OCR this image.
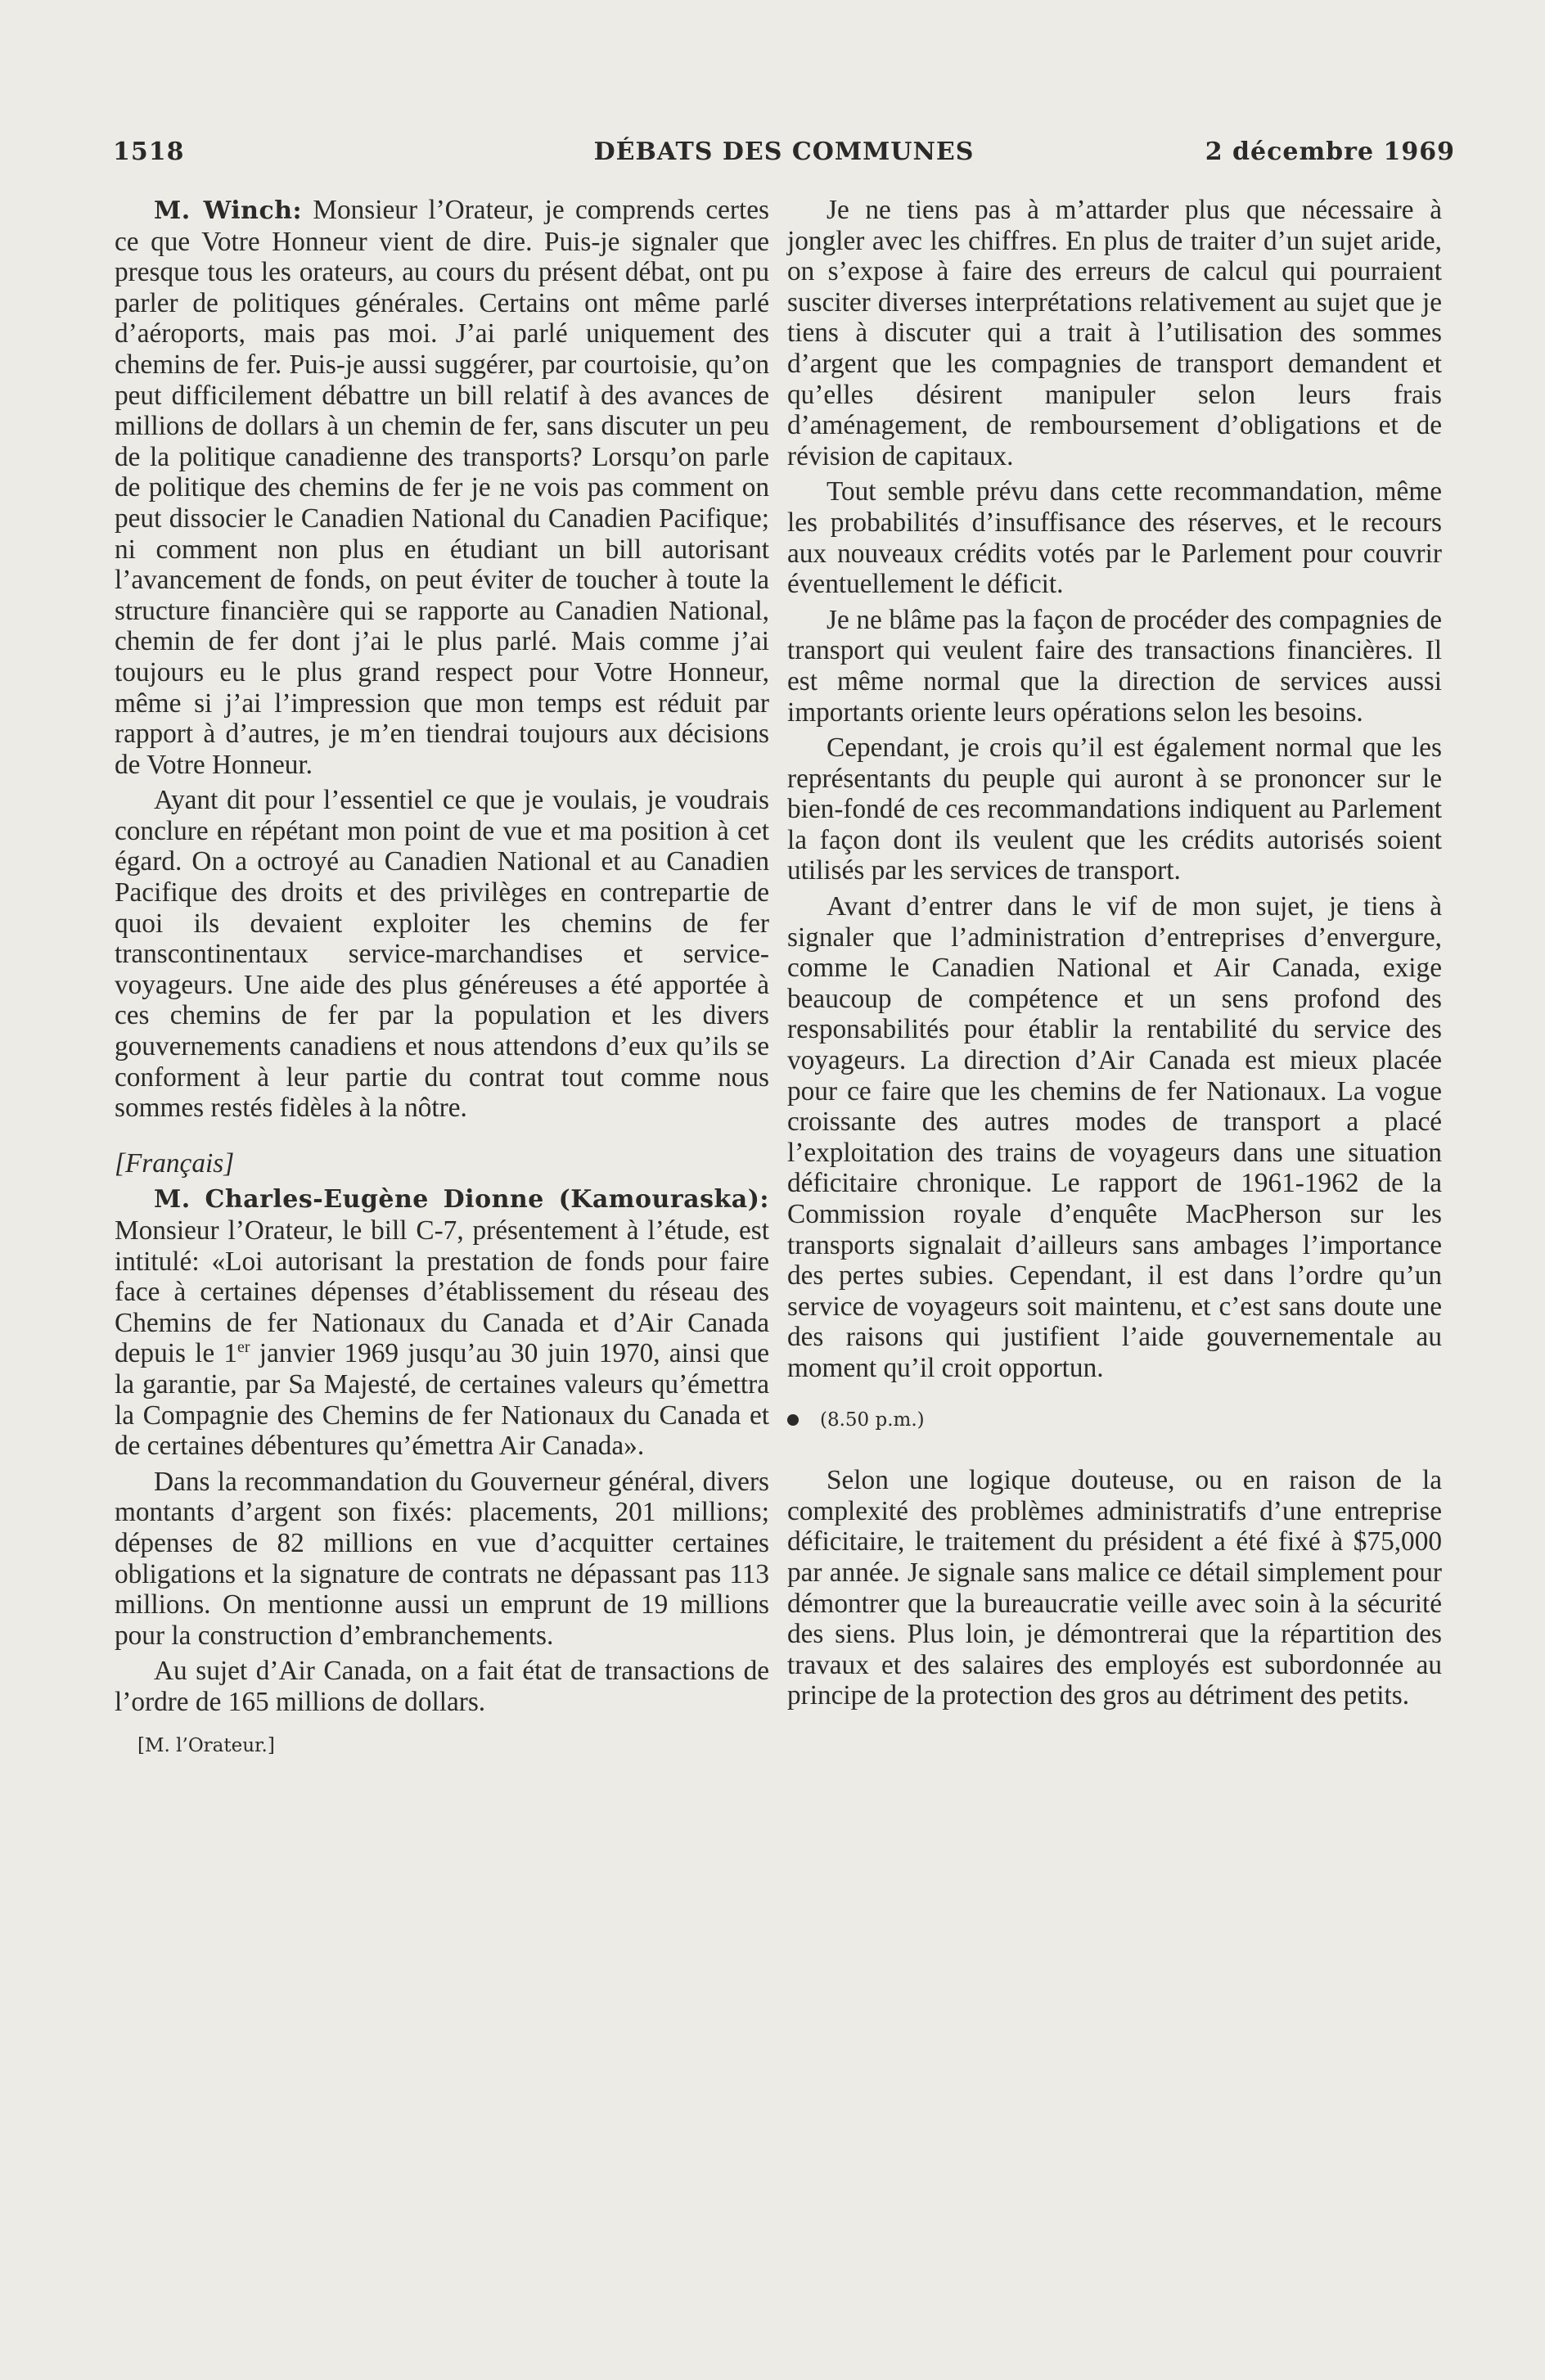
1518	DÉBATS DES COMMUNES	2 décembre 1969

M. Winch: Monsieur l’Orateur, je comprends certes ce que Votre Honneur vient de dire. Puis-je signaler que presque tous les orateurs, au cours du présent débat, ont pu parler de politiques générales. Certains ont même parlé d’aéroports, mais pas moi. J’ai parlé uniquement des chemins de fer. Puis-je aussi suggérer, par courtoisie, qu’on peut difficilement débattre un bill relatif à des avances de millions de dollars à un chemin de fer, sans discuter un peu de la politique canadienne des transports? Lorsqu’on parle de politique des chemins de fer je ne vois pas comment on peut dissocier le Canadien National du Canadien Pacifique; ni comment non plus en étudiant un bill autorisant l’avancement de fonds, on peut éviter de toucher à toute la structure financière qui se rapporte au Canadien National, chemin de fer dont j’ai le plus parlé. Mais comme j’ai toujours eu le plus grand respect pour Votre Honneur, même si j’ai l’impression que mon temps est réduit par rapport à d’autres, je m’en tiendrai toujours aux décisions de Votre Honneur.

Ayant dit pour l’essentiel ce que je voulais, je voudrais conclure en répétant mon point de vue et ma position à cet égard. On a octroyé au Canadien National et au Canadien Pacifique des droits et des privilèges en contrepartie de quoi ils devaient exploiter les chemins de fer transcontinentaux service-marchandises et service-voyageurs. Une aide des plus généreuses a été apportée à ces chemins de fer par la population et les divers gouvernements canadiens et nous attendons d’eux qu’ils se conforment à leur partie du contrat tout comme nous sommes restés fidèles à la nôtre.

[Français]

M. Charles-Eugène Dionne (Kamouraska): Monsieur l’Orateur, le bill C-7, présentement à l’étude, est intitulé: «Loi autorisant la prestation de fonds pour faire face à certaines dépenses d’établissement du réseau des Chemins de fer Nationaux du Canada et d’Air Canada depuis le 1er janvier 1969 jusqu’au 30 juin 1970, ainsi que la garantie, par Sa Majesté, de certaines valeurs qu’émettra la Compagnie des Chemins de fer Nationaux du Canada et de certaines débentures qu’émettra Air Canada».

Dans la recommandation du Gouverneur général, divers montants d’argent son fixés: placements, 201 millions; dépenses de 82 millions en vue d’acquitter certaines obligations et la signature de contrats ne dépassant pas 113 millions. On mentionne aussi un emprunt de 19 millions pour la construction d’embranchements.

Au sujet d’Air Canada, on a fait état de transactions de l’ordre de 165 millions de dollars.

[M. l’Orateur.]

Je ne tiens pas à m’attarder plus que nécessaire à jongler avec les chiffres. En plus de traiter d’un sujet aride, on s’expose à faire des erreurs de calcul qui pourraient susciter diverses interprétations relativement au sujet que je tiens à discuter qui a trait à l’utilisation des sommes d’argent que les compagnies de transport demandent et qu’elles désirent manipuler selon leurs frais d’aménagement, de remboursement d’obligations et de révision de capitaux.

Tout semble prévu dans cette recommandation, même les probabilités d’insuffisance des réserves, et le recours aux nouveaux crédits votés par le Parlement pour couvrir éventuellement le déficit.

Je ne blâme pas la façon de procéder des compagnies de transport qui veulent faire des transactions financières. Il est même normal que la direction de services aussi importants oriente leurs opérations selon les besoins.

Cependant, je crois qu’il est également normal que les représentants du peuple qui auront à se prononcer sur le bien-fondé de ces recommandations indiquent au Parlement la façon dont ils veulent que les crédits autorisés soient utilisés par les services de transport.

Avant d’entrer dans le vif de mon sujet, je tiens à signaler que l’administration d’entreprises d’envergure, comme le Canadien National et Air Canada, exige beaucoup de compétence et un sens profond des responsabilités pour établir la rentabilité du service des voyageurs. La direction d’Air Canada est mieux placée pour ce faire que les chemins de fer Nationaux. La vogue croissante des autres modes de transport a placé l’exploitation des trains de voyageurs dans une situation déficitaire chronique. Le rapport de 1961-1962 de la Commission royale d’enquête MacPherson sur les transports signalait d’ailleurs sans ambages l’importance des pertes subies. Cependant, il est dans l’ordre qu’un service de voyageurs soit maintenu, et c’est sans doute une des raisons qui justifient l’aide gouvernementale au moment qu’il croit opportun.

(8.50 p.m.)

Selon une logique douteuse, ou en raison de la complexité des problèmes administratifs d’une entreprise déficitaire, le traitement du président a été fixé à $75,000 par année. Je signale sans malice ce détail simplement pour démontrer que la bureaucratie veille avec soin à la sécurité des siens. Plus loin, je démontrerai que la répartition des travaux et des salaires des employés est subordonnée au principe de la protection des gros au détriment des petits.
